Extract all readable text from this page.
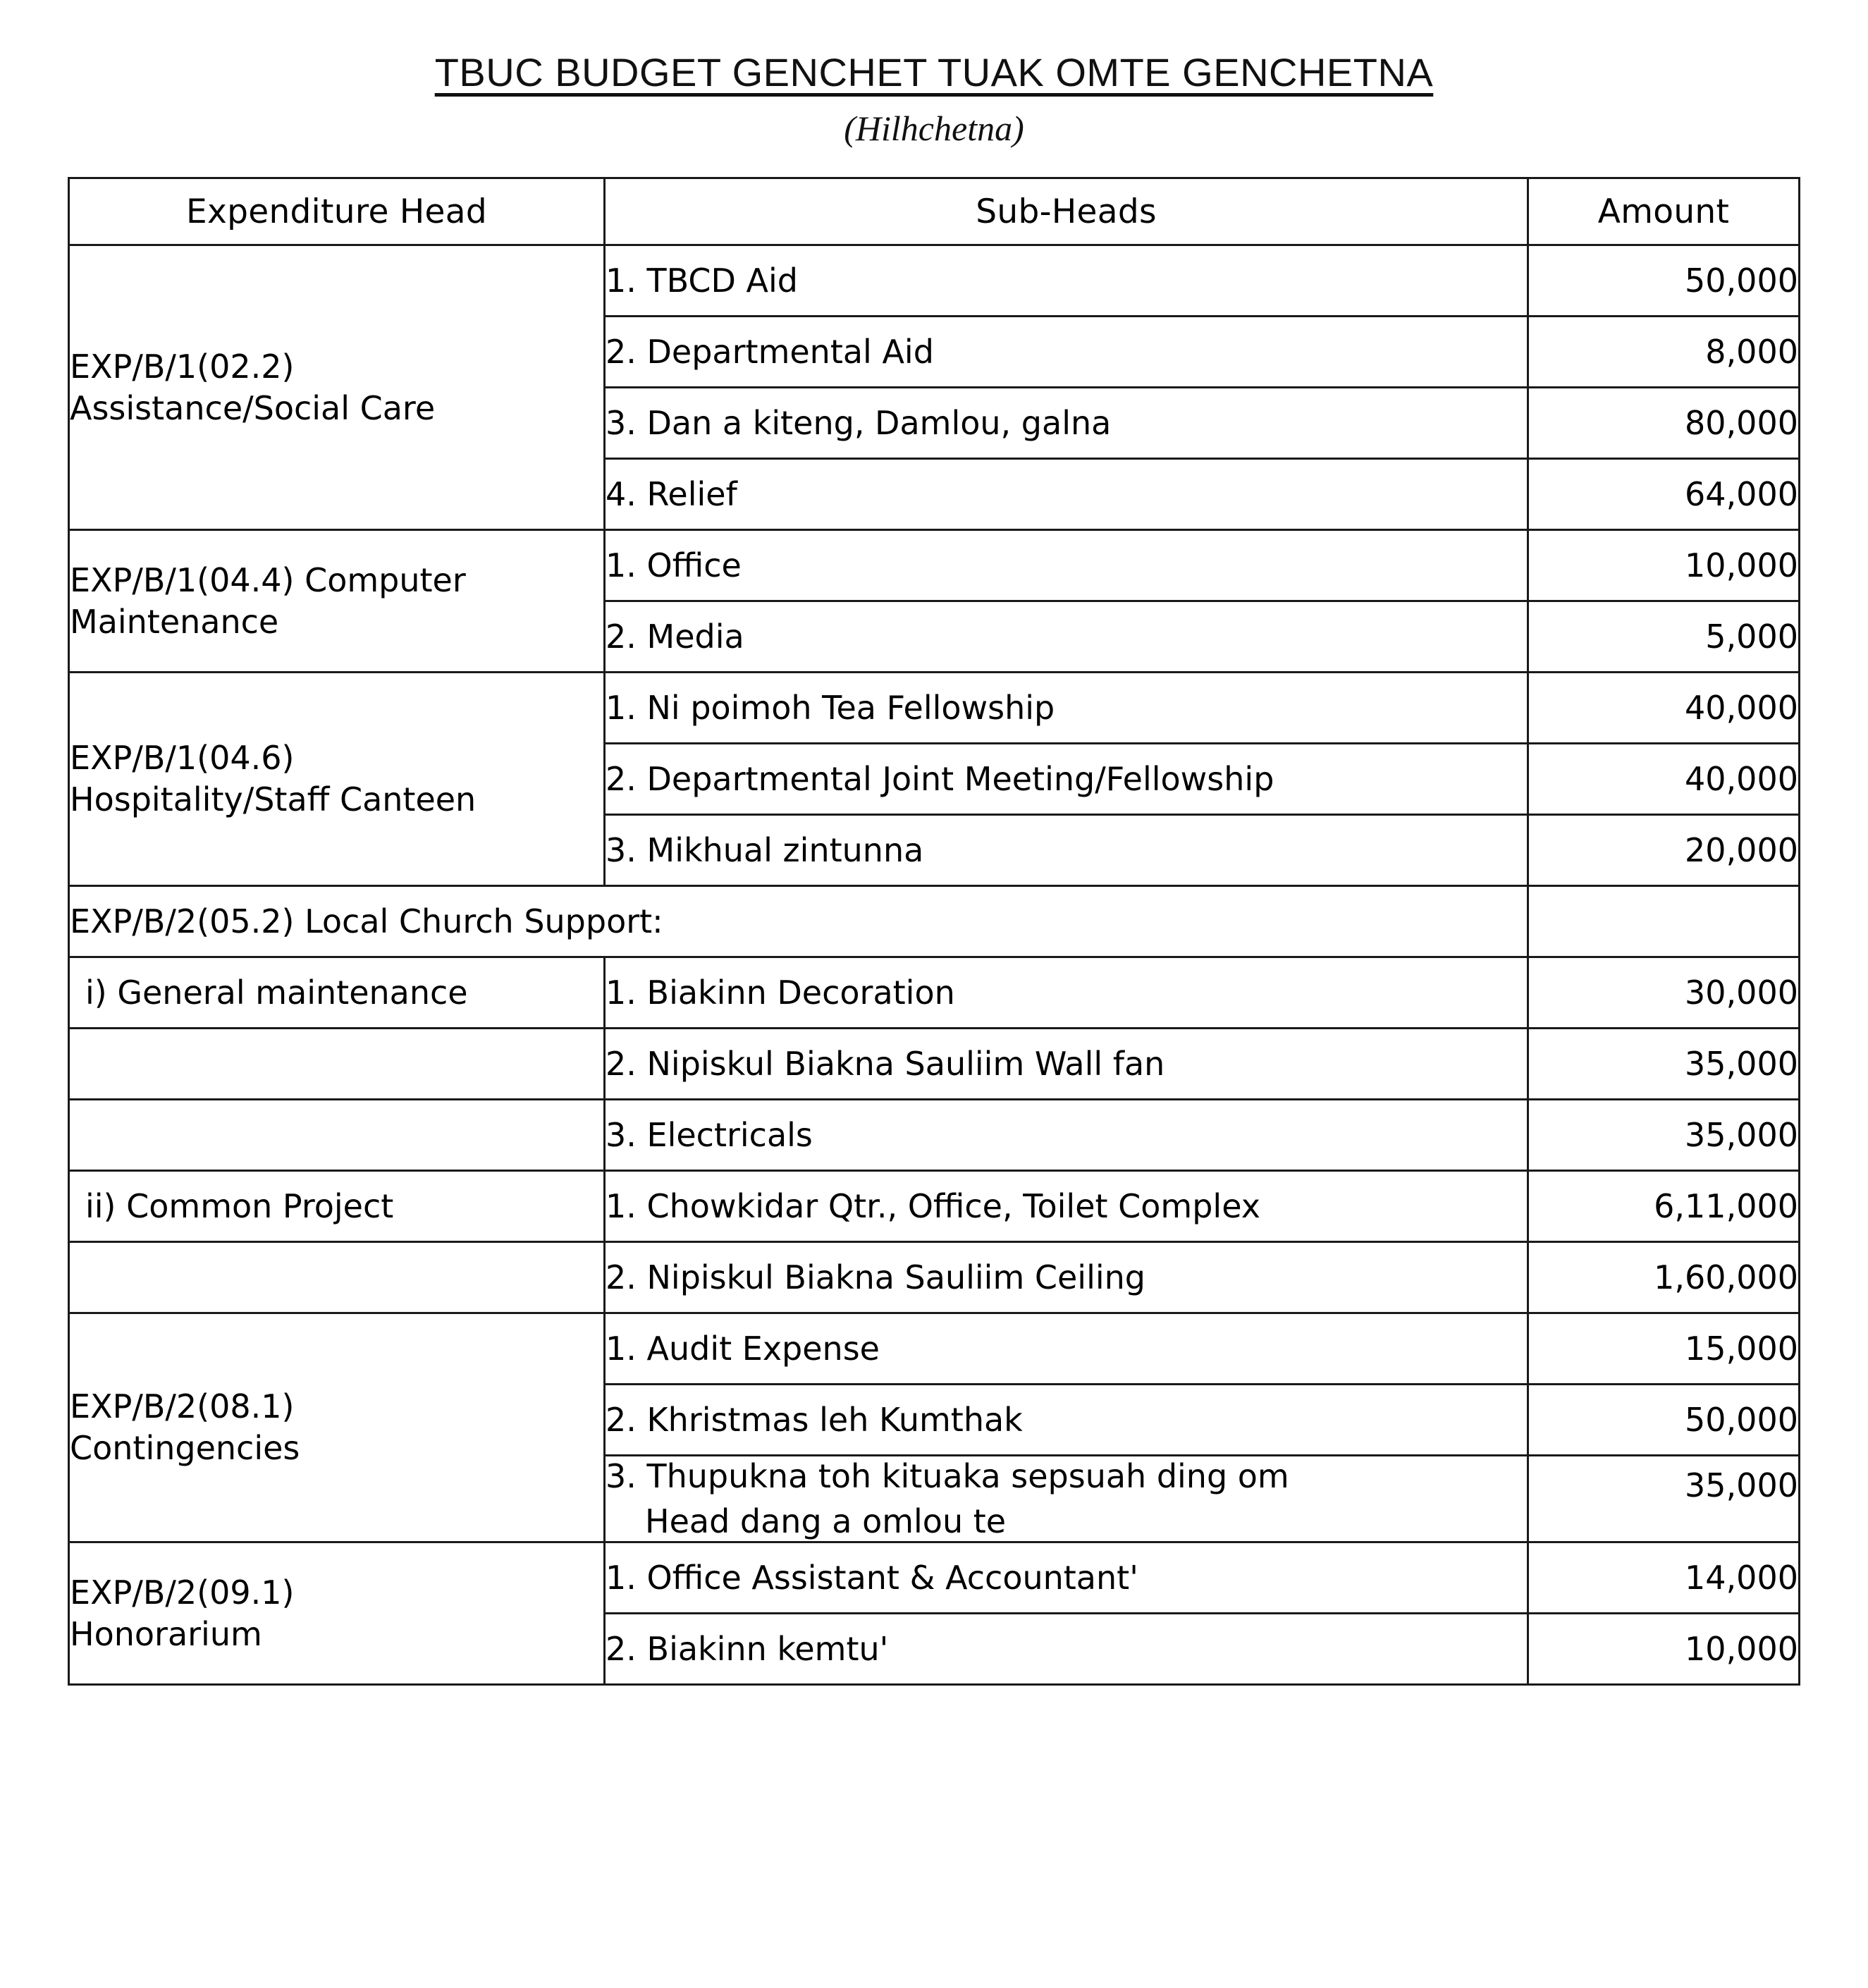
TBUC BUDGET GENCHET TUAK OMTE GENCHETNA
(Hilhchetna)
Expenditure Head	Sub-Heads	Amount

EXP/B/1(02.2)
Assistance/Social Care	1. TBCD Aid	50,000
	2. Departmental Aid	8,000
	3. Dan a kiteng, Damlou, galna	80,000
	4. Relief	64,000

EXP/B/1(04.4) Computer
Maintenance	1. Office	10,000
	2. Media	5,000

EXP/B/1(04.6)
Hospitality/Staff Canteen	1. Ni poimoh Tea Fellowship	40,000
	2. Departmental Joint Meeting/Fellowship	40,000
	3. Mikhual zintunna	20,000
EXP/B/2(05.2) Local Church Support:		
i) General maintenance	1. Biakinn Decoration	30,000
	2. Nipiskul Biakna Sauliim Wall fan	35,000
	3. Electricals	35,000
ii) Common Project	1. Chowkidar Qtr., Office, Toilet Complex	6,11,000
	2. Nipiskul Biakna Sauliim Ceiling	1,60,000

EXP/B/2(08.1)
Contingencies	1. Audit Expense	15,000
	2. Khristmas leh Kumthak	50,000
	3. Thupukna toh kituaka sepsuah ding om
Head dang a omlou te	35,000

EXP/B/2(09.1)
Honorarium	1. Office Assistant & Accountant'	14,000
	2. Biakinn kemtu'	10,000
